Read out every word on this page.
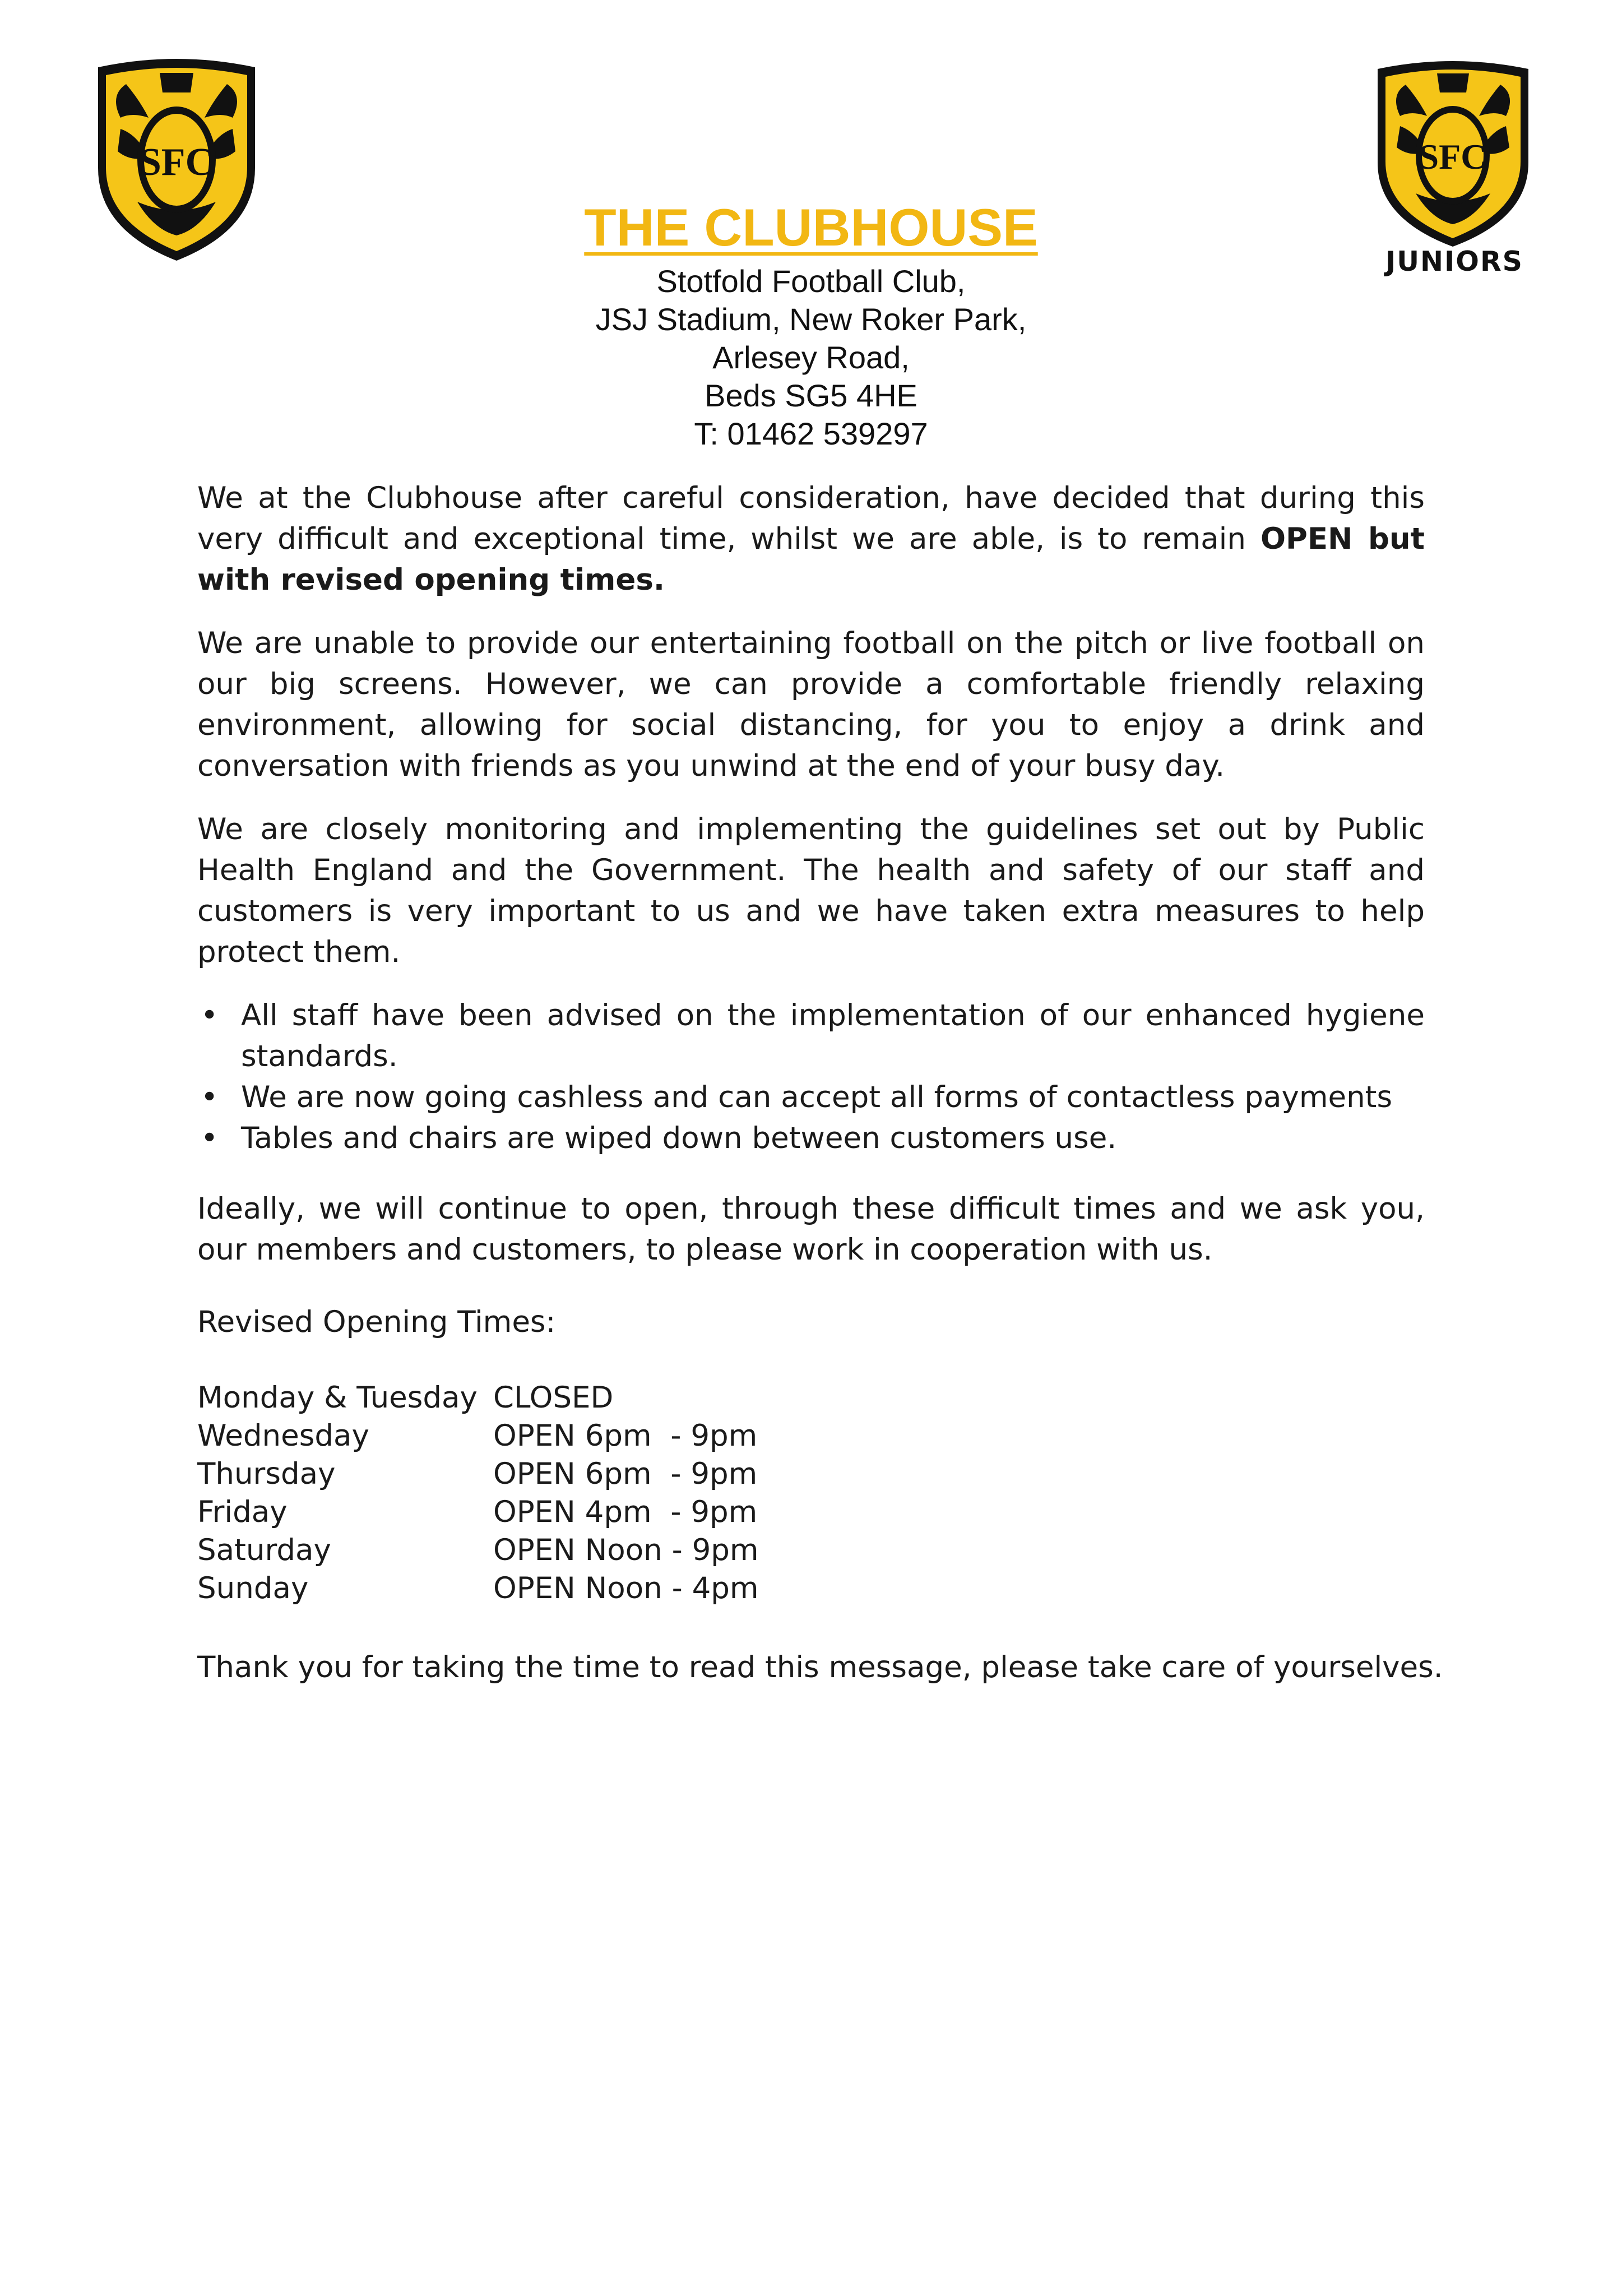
SFC	SFC
JUNIORS
THE CLUBHOUSE
Stotfold Football Club,
JSJ Stadium, New Roker Park,
Arlesey Road,
Beds SG5 4HE
T: 01462 539297

We at the Clubhouse after careful consideration, have decided that during this very difficult and exceptional time, whilst we are able, is to remain OPEN but with revised opening times.

We are unable to provide our entertaining football on the pitch or live football on our big screens. However, we can provide a comfortable friendly relaxing environment, allowing for social distancing, for you to enjoy a drink and conversation with friends as you unwind at the end of your busy day.

We are closely monitoring and implementing the guidelines set out by Public Health England and the Government. The health and safety of our staff and customers is very important to us and we have taken extra measures to help protect them.

• All staff have been advised on the implementation of our enhanced hygiene standards.
• We are now going cashless and can accept all forms of contactless payments
• Tables and chairs are wiped down between customers use.

Ideally, we will continue to open, through these difficult times and we ask you, our members and customers, to please work in cooperation with us.

Revised Opening Times:
Monday & Tuesday CLOSED
Wednesday	OPEN 6pm  - 9pm
Thursday	OPEN 6pm  - 9pm
Friday	OPEN 4pm  - 9pm
Saturday	OPEN Noon - 9pm
Sunday	OPEN Noon - 4pm
Thank you for taking the time to read this message, please take care of yourselves.
